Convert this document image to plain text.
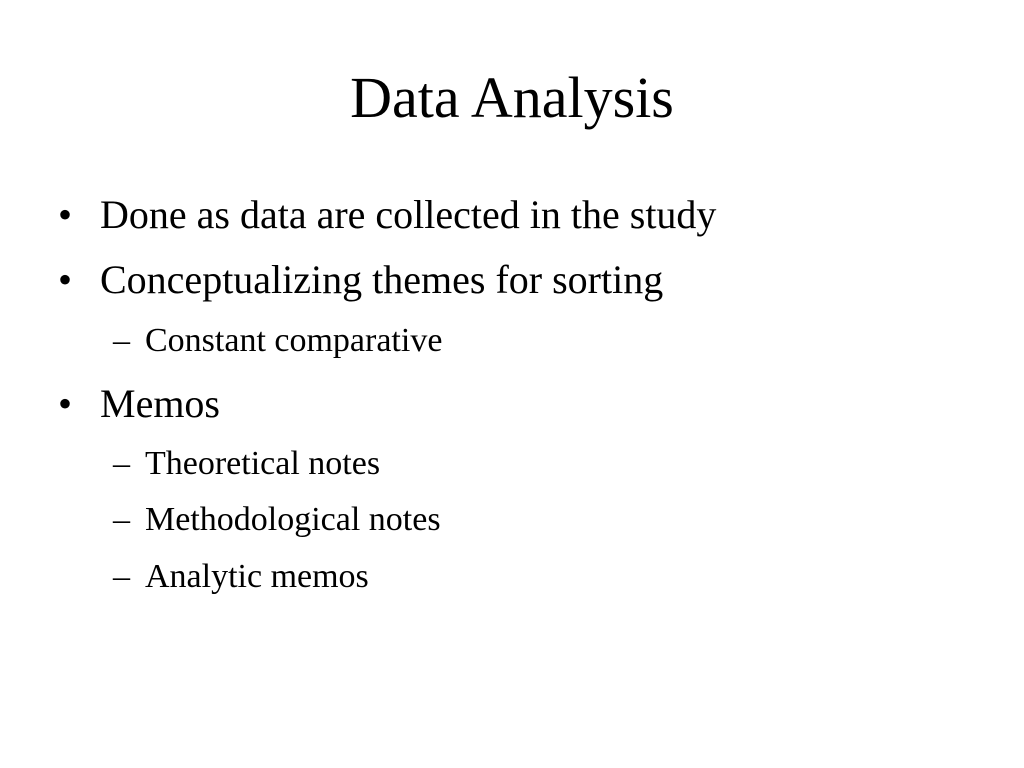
Data Analysis
• Done as data are collected in the study
• Conceptualizing themes for sorting
– Constant comparative
• Memos
– Theoretical notes
– Methodological notes
– Analytic memos
